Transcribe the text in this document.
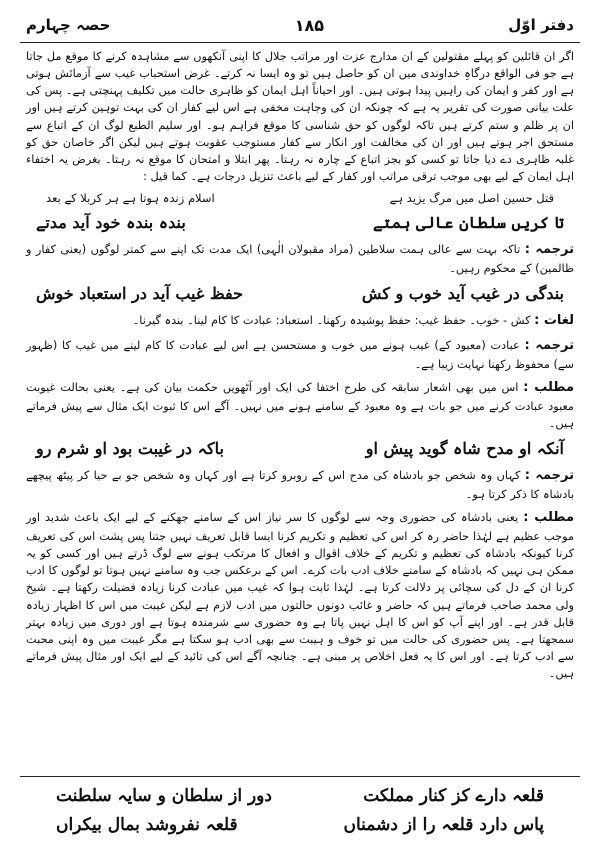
حصہ چہارم	۱۸۵	دفتر اوّل

اگر ان قائلین کو پہلے مقتولین کے ان مدارج عزت اور مراتب جلال کا اپنی آنکھوں سے مشاہدہ کرنے کا موقع مل جاتا ہے جو فی الواقع درگاہِ خداوندی میں ان کو حاصل ہیں تو وہ ایسا نہ کرتے۔ غرض استحباب غیب سے آزمائش ہوتی ہے اور کفر و ایمان کی راہیں پیدا ہوتی ہیں۔ اور احیاناً اہل ایمان کو ظاہری حالت میں تکلیف پہنچتی ہے۔ پس کی علت بیانی صورت کی تقریر یہ ہے کہ چونکہ ان کی وجاہت مخفی ہے اس لیے کفار ان کی بہت توہین کرتے ہیں اور ان پر ظلم و ستم کرتے ہیں تاکہ لوگوں کو حق شناسی کا موقع فراہم ہو۔ اور سلیم الطبع لوگ ان کے اتباع سے مستحق اجر ہوتے ہیں اور ان کی مخالفت اور انکار سے کفار مستوجب عقوبت ہوتے ہیں لیکن اگر خاصان حق کو غلبہ ظاہری دے دیا جاتا تو کسی کو بجز اتباع کے چارہ نہ رہتا۔ پھر ابتلا و امتحان کا موقع نہ رہتا۔ بغرض یہ اختفاء اہل ایمان کے لیے بھی موجب ترقی مراتب اور کفار کے لیے باعث تنزیل درجات ہے۔ کما قیل :

قتل حسین اصل میں مرگ یزید ہے
اسلام زندہ ہوتا ہے ہر کربلا کے بعد
تا کریں سلطان عالی ہمتے
بندہ بندہ خود آید مدتے

ترجمہ : تاکہ بہت سے عالی ہمت سلاطین (مراد مقبولان الٰہی) ایک مدت تک اپنے سے کمتر لوگوں (یعنی کفار و ظالمین) کے محکوم رہیں۔

بندگی در غیب آید خوب و کش
حفظ غیب آید در استعباد خوش

لغات : کش - خوب۔ حفظ غیب: حفظ پوشیدہ رکھنا۔ استعباد: عبادت کا کام لینا۔ بندہ گیرنا۔

ترجمہ : عبادت (معبود کے) غیب ہونے میں خوب و مستحسن ہے اس لیے عبادت کا کام لینے میں غیب کا (ظہور سے) محفوظ رکھنا نہایت زیبا ہے۔

مطلب : اس میں بھی اشعار سابقہ کی طرح اختفا کی ایک اور آٹھویں حکمت بیان کی ہے۔ یعنی بحالت غیوبت معبود عبادت کرنے میں جو بات ہے وہ معبود کے سامنے ہونے میں نہیں۔ آگے اس کا ثبوت ایک مثال سے پیش فرماتے ہیں۔

آنکہ او مدح شاہ گوید پیش او
باکہ در غیبت بود او شرم رو

ترجمہ : کہاں وہ شخص جو بادشاہ کی مدح اس کے روبرو کرتا ہے اور کہاں وہ شخص جو بے حیا کر پیٹھ پیچھے بادشاہ کا ذکر کرتا ہو۔

مطلب : یعنی بادشاہ کی حضوری وجہ سے لوگوں کا سر نیاز اس کے سامنے جھکنے کے لیے ایک باعث شدید اور موجب عظیم ہے لہٰذا حاضر رہ کر اس کی تعظیم و تکریم کرنا ایسا قابل تعریف نہیں جتنا پس پشت اس کی تعریف کرنا کیونکہ بادشاہ کی تعظیم و تکریم کے خلاف اقوال و افعال کا مرتکب ہونے سے لوگ ڈرتے ہیں اور کسی کو یہ ممکن ہی نہیں کہ بادشاہ کے سامنے خلاف ادب بات کرے۔ اس کے برعکس جب وہ سامنے نہیں ہوتا تو لوگوں کا ادب کرنا ان کے دل کی سچائی پر دلالت کرتا ہے۔ لہٰذا ثابت ہوا کہ غیب میں عبادت کرنا زیادہ فضیلت رکھتا ہے۔ شیخ ولی محمد صاحب فرماتے ہیں کہ حاضر و غائب دونوں حالتوں میں ادب لازم ہے لیکن غیبت میں اس کا اظہار زیادہ قابل قدر ہے۔ اور اپنے آپ کو اس کا اہل نہیں پاتا ہے وہ حضوری سے شرمندہ ہوتا ہے اور دوری میں زیادہ بہتر سمجھتا ہے۔ پس حضوری کی حالت میں تو خوف و ہیبت سے بھی ادب ہو سکتا ہے مگر غیبت میں وہ اپنی محبت سے ادب کرتا ہے۔ اور اس کا یہ فعل اخلاص پر مبنی ہے۔ چنانچہ آگے اس کی تائید کے لیے ایک اور مثال پیش فرماتے ہیں۔

قلعہ دارے کز کنار مملکت
دور از سلطان و سایہ سلطنت
پاس دارد قلعہ را از دشمناں
قلعہ نفروشد بمال بیکراں
